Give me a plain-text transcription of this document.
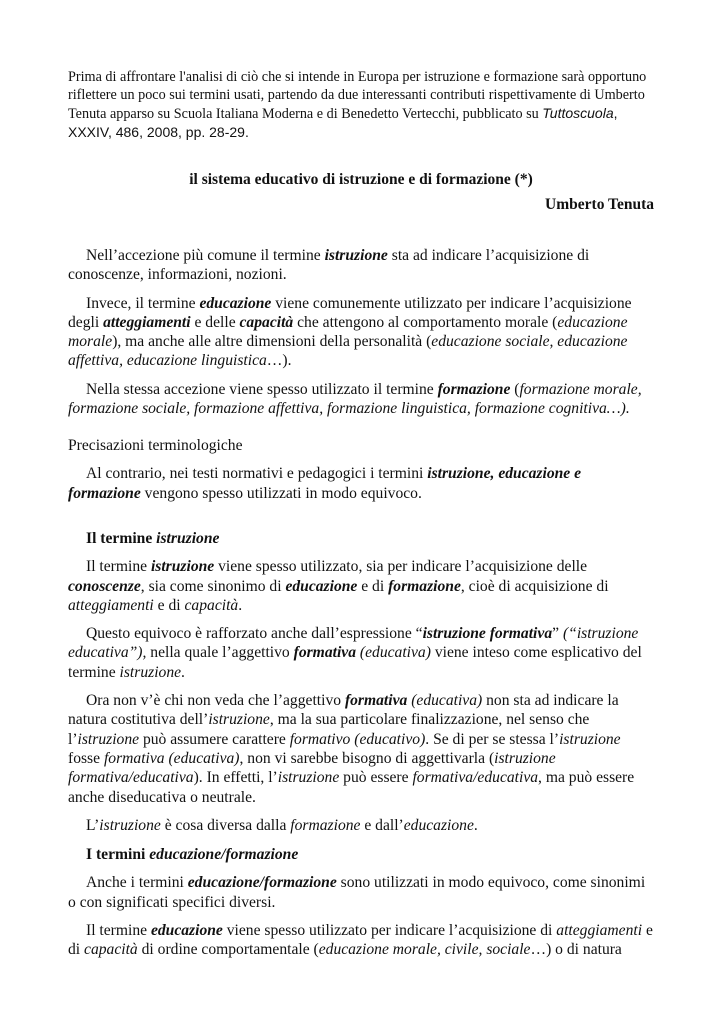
Prima di affrontare l'analisi di ciò che si intende in Europa per istruzione e formazione sarà opportuno riflettere un poco sui termini usati, partendo da due interessanti contributi rispettivamente di Umberto Tenuta apparso su Scuola Italiana Moderna e di Benedetto Vertecchi, pubblicato su Tuttoscuola, XXXIV, 486, 2008, pp. 28-29.

il sistema educativo di istruzione e di formazione (*)

Umberto Tenuta

Nell’accezione più comune il termine istruzione sta ad indicare l’acquisizione di conoscenze, informazioni, nozioni.

Invece, il termine educazione viene comunemente utilizzato per indicare l’acquisizione degli atteggiamenti e delle capacità che attengono al comportamento morale (educazione morale), ma anche alle altre dimensioni della personalità (educazione sociale, educazione affettiva, educazione linguistica…).

Nella stessa accezione viene spesso utilizzato il termine formazione (formazione morale, formazione sociale, formazione affettiva, formazione linguistica, formazione cognitiva…).

Precisazioni terminologiche

Al contrario, nei testi normativi e pedagogici i termini istruzione, educazione e formazione vengono spesso utilizzati in modo equivoco.

Il termine istruzione

Il termine istruzione viene spesso utilizzato, sia per indicare l’acquisizione delle conoscenze, sia come sinonimo di educazione e di formazione, cioè di acquisizione di atteggiamenti e di capacità.

Questo equivoco è rafforzato anche dall’espressione “istruzione formativa” (“istruzione educativa”), nella quale l’aggettivo formativa (educativa) viene inteso come esplicativo del termine istruzione.

Ora non v’è chi non veda che l’aggettivo formativa (educativa) non sta ad indicare la natura costitutiva dell’istruzione, ma la sua particolare finalizzazione, nel senso che l’istruzione può assumere carattere formativo (educativo). Se di per se stessa l’istruzione fosse formativa (educativa), non vi sarebbe bisogno di aggettivarla (istruzione formativa/educativa). In effetti, l’istruzione può essere formativa/educativa, ma può essere anche diseducativa o neutrale.

L’istruzione è cosa diversa dalla formazione e dall’educazione.

I termini educazione/formazione

Anche i termini educazione/formazione sono utilizzati in modo equivoco, come sinonimi o con significati specifici diversi.

Il termine educazione viene spesso utilizzato per indicare l’acquisizione di atteggiamenti e di capacità di ordine comportamentale (educazione morale, civile, sociale…) o di natura
